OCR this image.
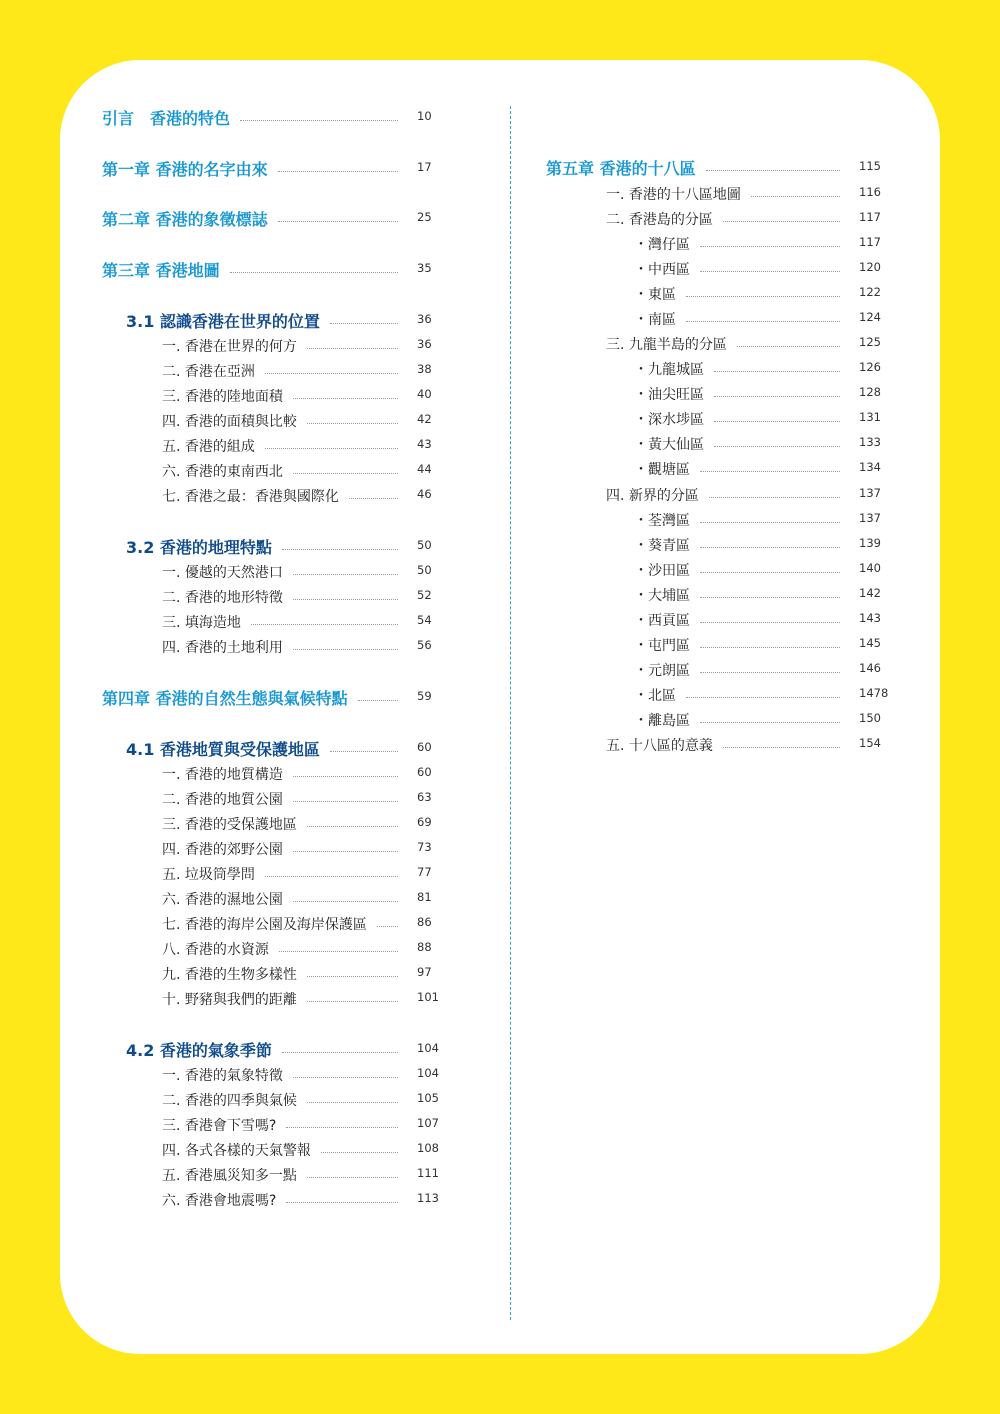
引言　香港的特色	10
第一章 香港的名字由來	17
第二章 香港的象徵標誌	25
第三章 香港地圖	35
3.1 認識香港在世界的位置	36
一. 香港在世界的何方	36
二. 香港在亞洲	38
三. 香港的陸地面積	40
四. 香港的面積與比較	42
五. 香港的組成	43
六. 香港的東南西北	44
七. 香港之最：香港與國際化	46
3.2 香港的地理特點	50
一. 優越的天然港口	50
二. 香港的地形特徵	52
三. 填海造地	54
四. 香港的土地利用	56
第四章 香港的自然生態與氣候特點	59
4.1 香港地質與受保護地區	60
一. 香港的地質構造	60
二. 香港的地質公園	63
三. 香港的受保護地區	69
四. 香港的郊野公園	73
五. 垃圾筒學問	77
六. 香港的濕地公園	81
七. 香港的海岸公園及海岸保護區	86
八. 香港的水資源	88
九. 香港的生物多樣性	97
十. 野豬與我們的距離	101
4.2 香港的氣象季節	104
一. 香港的氣象特徵	104
二. 香港的四季與氣候	105
三. 香港會下雪嗎?	107
四. 各式各樣的天氣警報	108
五. 香港風災知多一點	111
六. 香港會地震嗎?	113
第五章 香港的十八區	115
一. 香港的十八區地圖	116
二. 香港島的分區	117
・灣仔區	117
・中西區	120
・東區	122
・南區	124
三. 九龍半島的分區	125
・九龍城區	126
・油尖旺區	128
・深水埗區	131
・黃大仙區	133
・觀塘區	134
四. 新界的分區	137
・荃灣區	137
・葵青區	139
・沙田區	140
・大埔區	142
・西貢區	143
・屯門區	145
・元朗區	146
・北區	1478
・離島區	150
五. 十八區的意義	154
